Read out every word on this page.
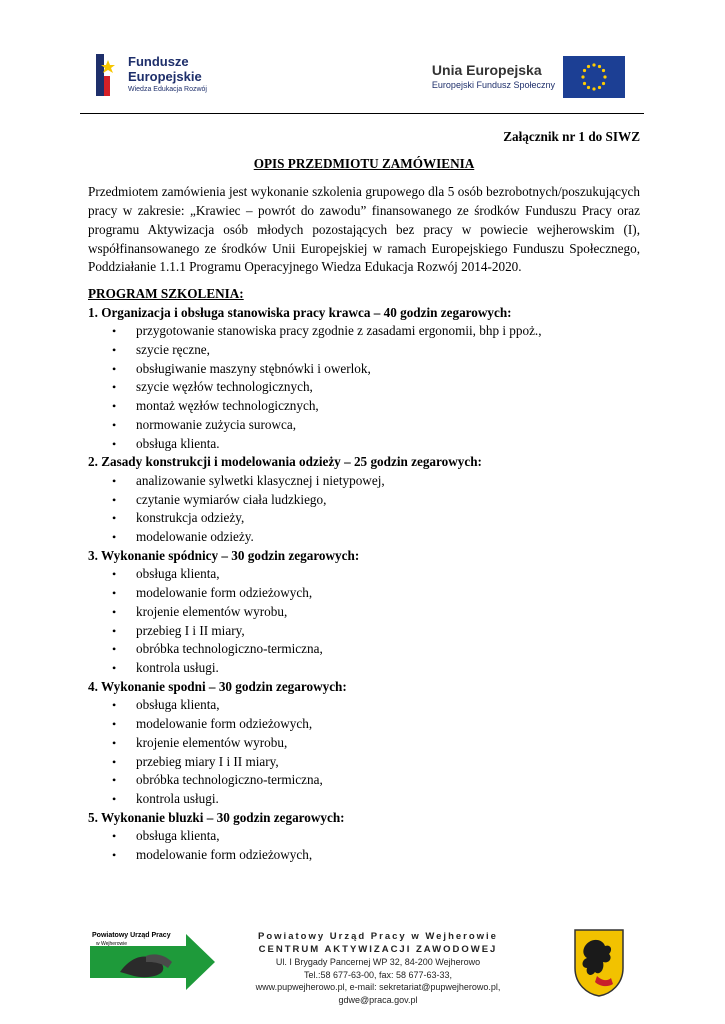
Fundusze
Europejskie
Wiedza Edukacja Rozwój
Unia Europejska
Europejski Fundusz Społeczny

Załącznik nr 1 do SIWZ

OPIS PRZEDMIOTU ZAMÓWIENIA

Przedmiotem zamówienia jest wykonanie szkolenia grupowego dla 5 osób bezrobotnych/poszukujących pracy w zakresie: „Krawiec – powrót do zawodu” finansowanego ze środków Funduszu Pracy oraz programu Aktywizacja osób młodych pozostających bez pracy w powiecie wejherowskim (I), współfinansowanego ze środków Unii Europejskiej w ramach Europejskiego Funduszu Społecznego, Poddziałanie 1.1.1 Programu Operacyjnego Wiedza Edukacja Rozwój 2014-2020.

PROGRAM SZKOLENIA:

1. Organizacja i obsługa stanowiska pracy krawca – 40 godzin zegarowych:

• przygotowanie stanowiska pracy zgodnie z zasadami ergonomii, bhp i ppoż.,
• szycie ręczne,
• obsługiwanie maszyny stębnówki i owerlok,
• szycie węzłów technologicznych,
• montaż węzłów technologicznych,
• normowanie zużycia surowca,
• obsługa klienta.

2. Zasady konstrukcji i modelowania odzieży – 25 godzin zegarowych:

• analizowanie sylwetki klasycznej i nietypowej,
• czytanie wymiarów ciała ludzkiego,
• konstrukcja odzieży,
• modelowanie odzieży.

3. Wykonanie spódnicy – 30 godzin zegarowych:

• obsługa klienta,
• modelowanie form odzieżowych,
• krojenie elementów wyrobu,
• przebieg I i II miary,
• obróbka technologiczno-termiczna,
• kontrola usługi.

4. Wykonanie spodni – 30 godzin zegarowych:

• obsługa klienta,
• modelowanie form odzieżowych,
• krojenie elementów wyrobu,
• przebieg miary I i II miary,
• obróbka technologiczno-termiczna,
• kontrola usługi.

5. Wykonanie bluzki – 30 godzin zegarowych:

• obsługa klienta,
• modelowanie form odzieżowych,
Powiatowy Urząd Pracy
w Wejherowie
Powiatowy Urząd Pracy w Wejherowie
CENTRUM AKTYWIZACJI ZAWODOWEJ
Ul. I Brygady Pancernej WP 32, 84-200 Wejherowo
Tel.:58 677-63-00, fax: 58 677-63-33,
www.pupwejherowo.pl, e-mail: sekretariat@pupwejherowo.pl,
gdwe@praca.gov.pl
